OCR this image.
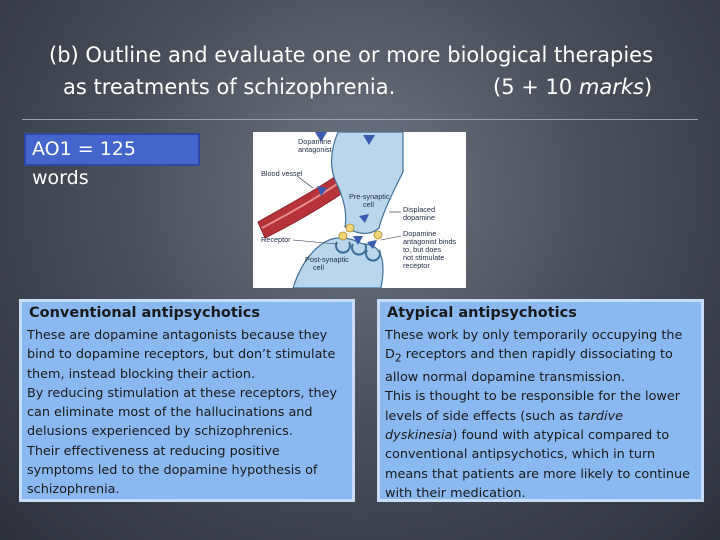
(b) Outline and evaluate one or more biological therapies
as treatments of schizophrenia.	(5 + 10 marks)
AO1 = 125 words
Dopamine antagonist
Blood vessel
Pre-synaptic cell
Displaced dopamine
Receptor
Dopamine antagonist binds to, but does not stimulate receptor
Post-synaptic cell
Conventional antipsychotics

These are dopamine antagonists because they bind to dopamine receptors, but don’t stimulate them, instead blocking their action.

By reducing stimulation at these receptors, they can eliminate most of the hallucinations and delusions experienced by schizophrenics.

Their effectiveness at reducing positive symptoms led to the dopamine hypothesis of schizophrenia.

Atypical antipsychotics

These work by only temporarily occupying the $D_2$ receptors and then rapidly dissociating to allow normal dopamine transmission.

This is thought to be responsible for the lower levels of side effects (such as tardive dyskinesia) found with atypical compared to conventional antipsychotics, which in turn means that patients are more likely to continue with their medication.
